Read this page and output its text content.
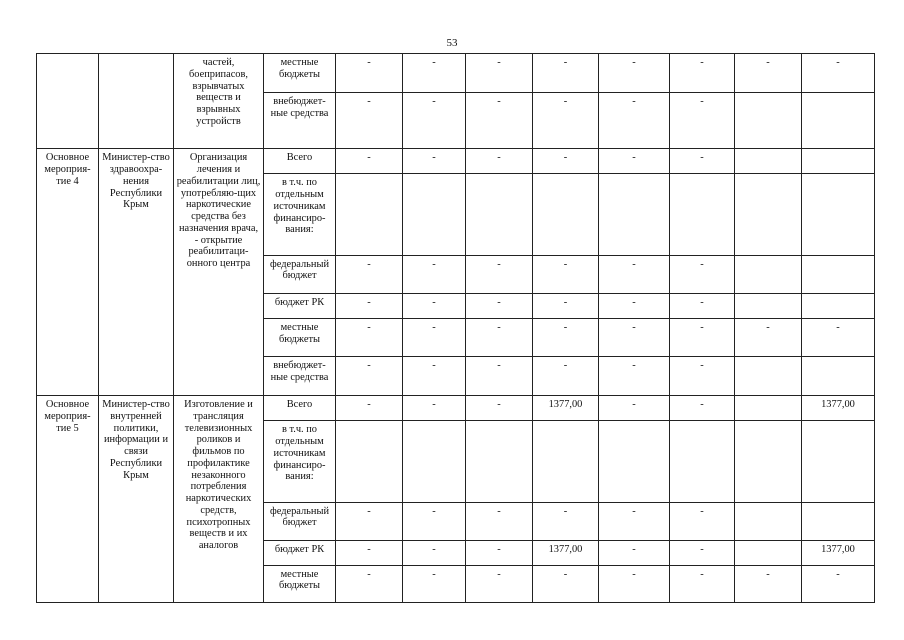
53
		частей, боеприпасов, взрывчатых веществ и взрывных устройств	местные бюджеты	-	-	-	-	-	-	-	-
			внебюджет-ные средства	-	-	-	-	-	-		
Основное мероприя-тие 4	Министер-ство здравоохра-нения Республики Крым	Организация лечения и реабилитации лиц, употребляю-щих наркотические средства без назначения врача, - открытие реабилитаци-онного центра	Всего	-	-	-	-	-	-		
			в т.ч. по отдельным источникам финансиро-вания:								
			федеральный бюджет	-	-	-	-	-	-		
			бюджет РК	-	-	-	-	-	-		
			местные бюджеты	-	-	-	-	-	-	-	-
			внебюджет-ные средства	-	-	-	-	-	-		
Основное мероприя-тие 5	Министер-ство внутренней политики, информации и связи Республики Крым	Изготовление и трансляция телевизионных роликов и фильмов по профилактике незаконного потребления наркотических средств, психотропных веществ и их аналогов	Всего	-	-	-	1377,00	-	-		1377,00
			в т.ч. по отдельным источникам финансиро-вания:								
			федеральный бюджет	-	-	-	-	-	-		
			бюджет РК	-	-	-	1377,00	-	-		1377,00
			местные бюджеты	-	-	-	-	-	-	-	-
